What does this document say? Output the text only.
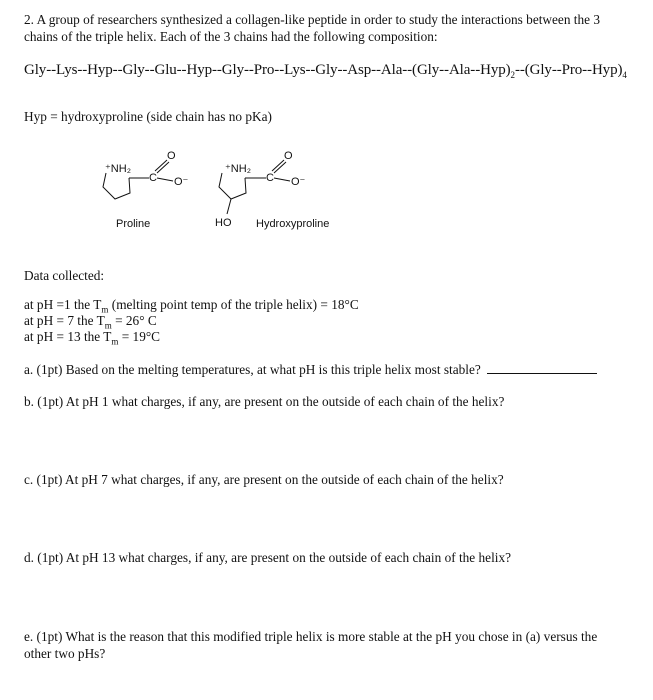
2. A group of researchers synthesized a collagen-like peptide in order to study the interactions between the 3 chains of the triple helix. Each of the 3 chains had the following composition:
Gly-$-Lys--Hyp--Gly--Glu--Hyp--Gly--Pro--Lys--Gly--Asp--Ala--(Gly--Ala--Hyp)_2--(Gly--Pro--Hyp)_4$
Hyp = hydroxyproline (side chain has no pKa)
⁺NH₂
C
O
O⁻
Proline
⁺NH₂
C
O
O⁻
HO Hydroxyproline
Data collected:
at pH =1 the $T_m$ (melting point temp of the triple helix) = 18°C
at pH = 7 the $T_m = 26^\circ$ C
at pH = 13 the $T_m = 19^\circ C$
a. (1pt) Based on the melting temperatures, at what pH is this triple helix most stable?
b. (1pt) At pH 1 what charges, if any, are present on the outside of each chain of the helix?
c. (1pt) At pH 7 what charges, if any, are present on the outside of each chain of the helix?
d. (1pt) At pH 13 what charges, if any, are present on the outside of each chain of the helix?
e. (1pt) What is the reason that this modified triple helix is more stable at the pH you chose in (a) versus the other two pHs?
